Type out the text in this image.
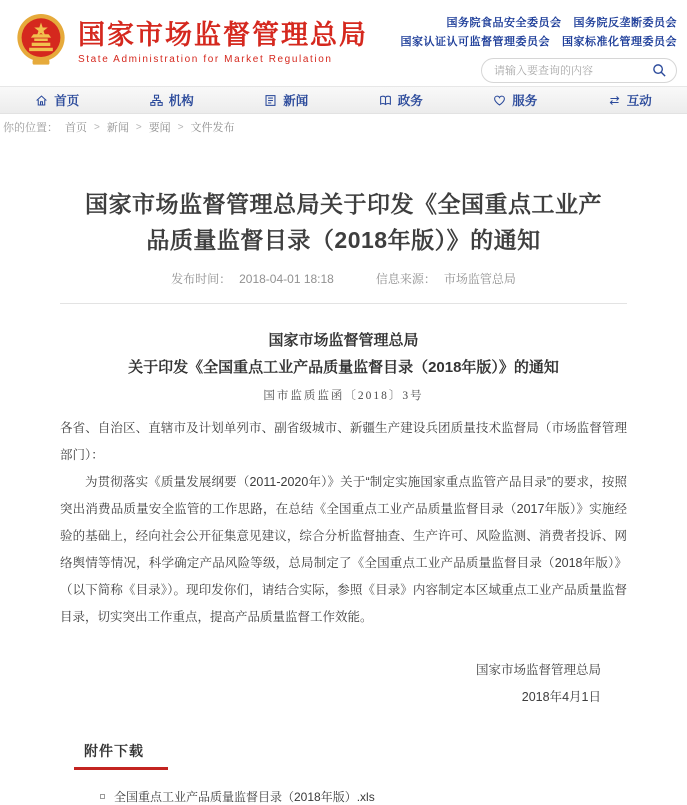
国家市场监督管理总局
State Administration for Market Regulation
国务院食品安全委员会 国务院反垄断委员会
国家认证认可监督管理委员会 国家标准化管理委员会
请输入要查询的内容
首页	机构	新闻	政务	服务	互动
你的位置： 首页 > 新闻 > 要闻 > 文件发布
国家市场监督管理总局关于印发《全国重点工业产品质量监督目录（2018年版）》的通知
发布时间： 2018-04-01 18:18	信息来源： 市场监管总局
国家市场监督管理总局
关于印发《全国重点工业产品质量监督目录（2018年版）》的通知
国市监质监函〔2018〕3号
各省、自治区、直辖市及计划单列市、副省级城市、新疆生产建设兵团质量技术监督局（市场监督管理部门）：
为贯彻落实《质量发展纲要（2011-2020年）》关于“制定实施国家重点监管产品目录”的要求，按照突出消费品质量安全监管的工作思路，在总结《全国重点工业产品质量监督目录（2017年版）》实施经验的基础上，经向社会公开征集意见建议，综合分析监督抽查、生产许可、风险监测、消费者投诉、网络舆情等情况，科学确定产品风险等级，总局制定了《全国重点工业产品质量监督目录（2018年版）》（以下简称《目录》）。现印发你们，请结合实际，参照《目录》内容制定本区域重点工业产品质量监督目录，切实突出工作重点，提高产品质量监督工作效能。
国家市场监督管理总局
2018年4月1日
附件下载
全国重点工业产品质量监督目录（2018年版）.xls
